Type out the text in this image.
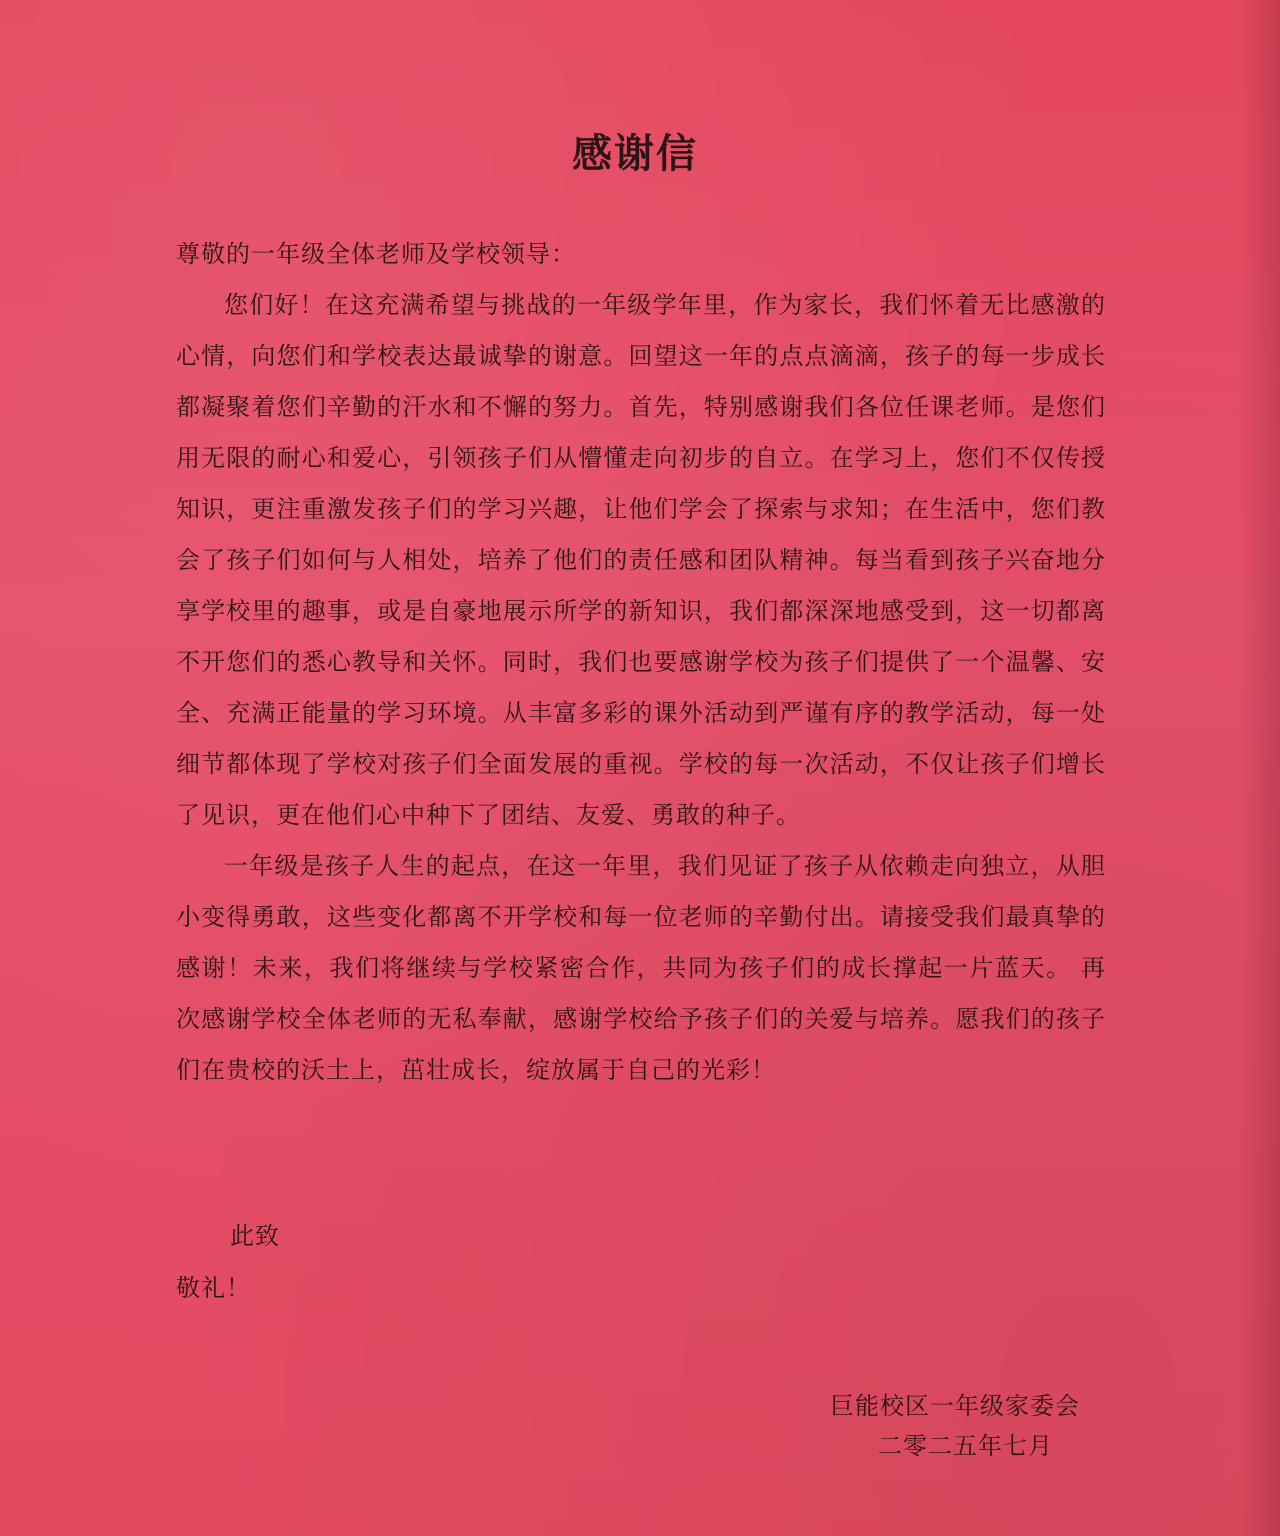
感谢信
尊敬的一年级全体老师及学校领导：

您们好！在这充满希望与挑战的一年级学年里，作为家长，我们怀着无比感激的心情，向您们和学校表达最诚挚的谢意。回望这一年的点点滴滴，孩子的每一步成长都凝聚着您们辛勤的汗水和不懈的努力。首先，特别感谢我们各位任课老师。是您们用无限的耐心和爱心，引领孩子们从懵懂走向初步的自立。在学习上，您们不仅传授知识，更注重激发孩子们的学习兴趣，让他们学会了探索与求知；在生活中，您们教会了孩子们如何与人相处，培养了他们的责任感和团队精神。每当看到孩子兴奋地分享学校里的趣事，或是自豪地展示所学的新知识，我们都深深地感受到，这一切都离不开您们的悉心教导和关怀。同时，我们也要感谢学校为孩子们提供了一个温馨、安全、充满正能量的学习环境。从丰富多彩的课外活动到严谨有序的教学活动，每一处细节都体现了学校对孩子们全面发展的重视。学校的每一次活动，不仅让孩子们增长了见识，更在他们心中种下了团结、友爱、勇敢的种子。

一年级是孩子人生的起点，在这一年里，我们见证了孩子从依赖走向独立，从胆小变得勇敢，这些变化都离不开学校和每一位老师的辛勤付出。请接受我们最真挚的感谢！未来，我们将继续与学校紧密合作，共同为孩子们的成长撑起一片蓝天。 再次感谢学校全体老师的无私奉献，感谢学校给予孩子们的关爱与培养。愿我们的孩子们在贵校的沃土上，茁壮成长，绽放属于自己的光彩！

此致
敬礼！
巨能校区一年级家委会
二零二五年七月
